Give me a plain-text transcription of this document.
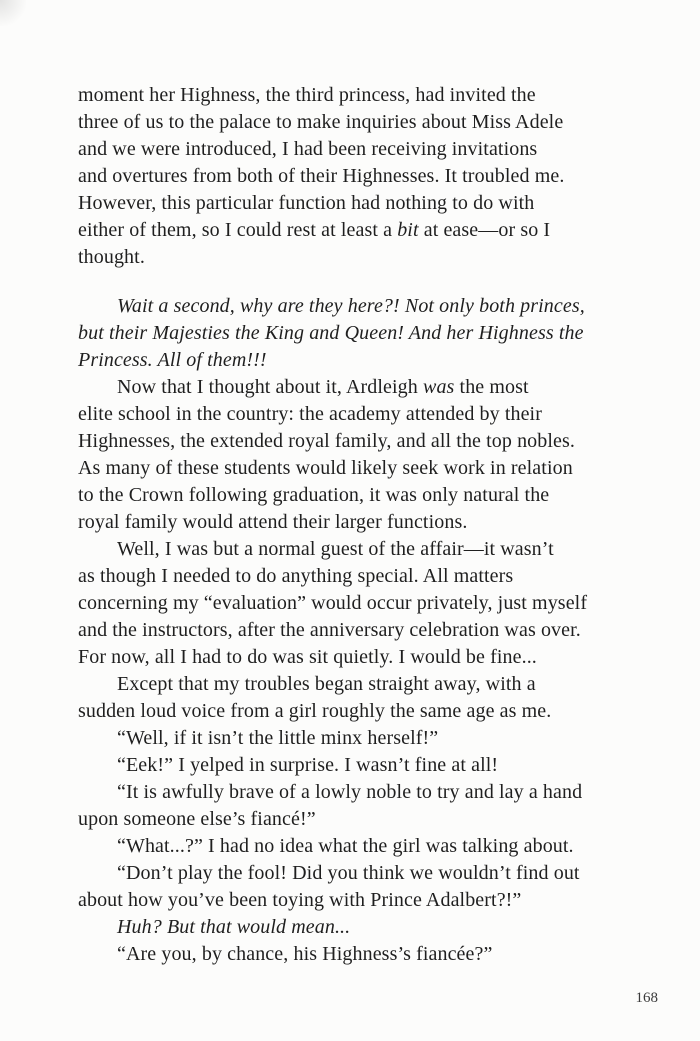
moment her Highness, the third princess, had invited the
three of us to the palace to make inquiries about Miss Adele
and we were introduced, I had been receiving invitations
and overtures from both of their Highnesses. It troubled me.
However, this particular function had nothing to do with
either of them, so I could rest at least a bit at ease—or so I
thought.

Wait a second, why are they here?! Not only both princes,
but their Majesties the King and Queen! And her Highness the
Princess. All of them!!!

Now that I thought about it, Ardleigh was the most
elite school in the country: the academy attended by their
Highnesses, the extended royal family, and all the top nobles.
As many of these students would likely seek work in relation
to the Crown following graduation, it was only natural the
royal family would attend their larger functions.

Well, I was but a normal guest of the affair—it wasn’t
as though I needed to do anything special. All matters
concerning my “evaluation” would occur privately, just myself
and the instructors, after the anniversary celebration was over.
For now, all I had to do was sit quietly. I would be fine...

Except that my troubles began straight away, with a
sudden loud voice from a girl roughly the same age as me.

“Well, if it isn’t the little minx herself!”

“Eek!” I yelped in surprise. I wasn’t fine at all!

“It is awfully brave of a lowly noble to try and lay a hand
upon someone else’s fiancé!”

“What...?” I had no idea what the girl was talking about.

“Don’t play the fool! Did you think we wouldn’t find out
about how you’ve been toying with Prince Adalbert?!”

Huh? But that would mean...

“Are you, by chance, his Highness’s fiancée?”

168
